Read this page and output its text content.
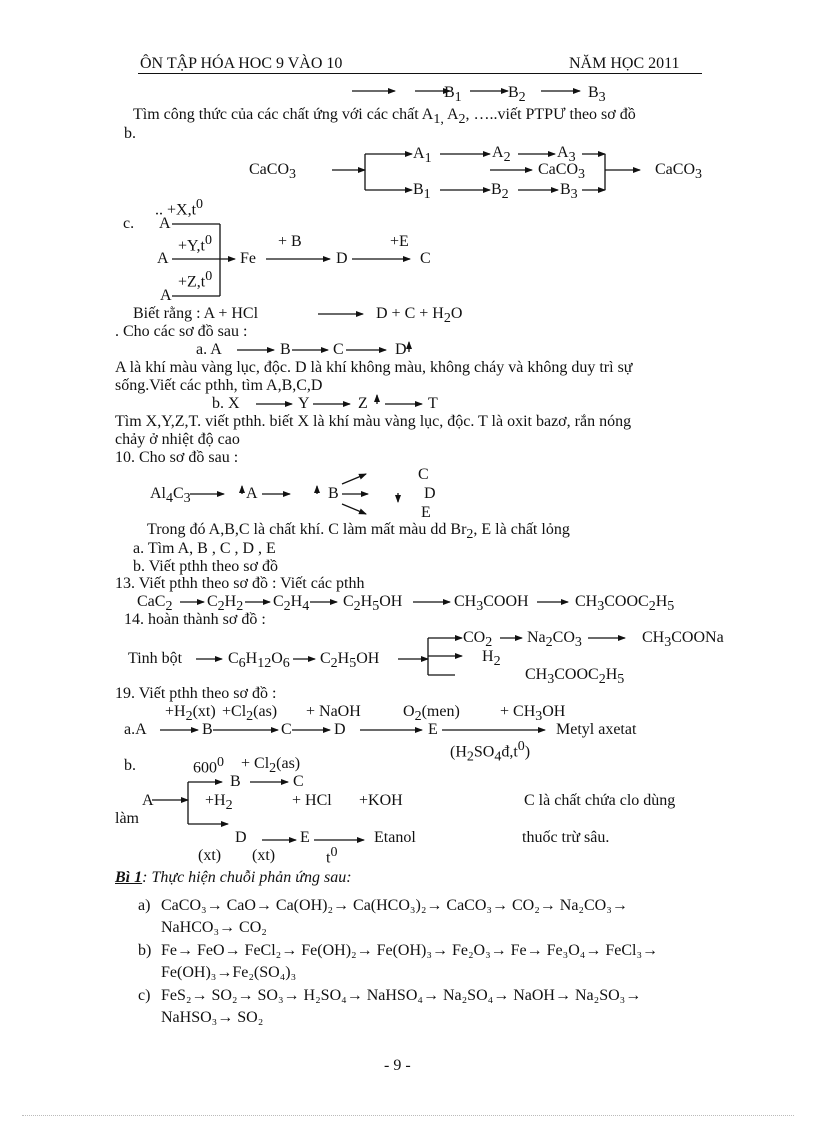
ÔN TẬP HÓA HOC 9 VÀO 10	NĂM HỌC 2011
$B_1$	$B_2$	$B_3$
Tìm công thức của các chất ứng với các chất $A_{1,}$ $A_2$, …..viết PTPƯ theo sơ đồ
b.
CaCO$_3$
$A_1$	$A_2$	$A_3$
CaCO$_3$	CaCO$_3$
$B_1$	$B_2$	$B_3$
.. $+X,t^0$
c. A
$+Y,t^0$
A	Fe
+ B
D
+E
C
$+Z,t^0$
A
Biết rằng : A + HCl	$D + C + H_2O$
. Cho các sơ đồ sau :
a. A	B	C	D
A là khí màu vàng lục, độc. D là khí không màu, không cháy và không duy trì sự
sống.Viết các pthh, tìm A,B,C,D
b. X	Y	Z	T
Tìm X,Y,Z,T. viết pthh. biết X là khí màu vàng lục, độc. T là oxit bazơ, rắn nóng
chảy ở nhiệt độ cao
10. Cho sơ đồ sau :
C
$Al_4C_3$	A	B	D
E
Trong đó A,B,C là chất khí. C làm mất màu dd $Br_2$, E là chất lỏng
a. Tìm A, B , C , D , E
b. Viết pthh theo sơ đồ
13. Viết pthh theo sơ đồ : Viết các pthh
CaC$_2$ $C_2H_2$ $C_2H_4$ $C_2H_5OH$	$CH_3COOH$	$CH_3COOC_2H_5$
14. hoàn thành sơ đồ :
$CO_2$ $Na_2CO_3$	$CH_3COONa$
Tinh bột	$C_6H_{12}O_6$ $C_2H_5OH$	$H_2$
$CH_3COOC_2H_5$
19. Viết pthh theo sơ đồ :
$+H_2(xt) +Cl_2(as)$ + NaOH	$O_2(men)$	+ $CH_3OH$
a.A	B	C	D	E	Metyl axetat
$(H_2SO_4đ,t^0)$
b.	$600^0 + Cl_2(as)$
B	C
A	$+H_2$	+ HCl +KOH	C là chất chứa clo dùng
làm
D	E	Etanol	thuốc trừ sâu.
(xt) (xt)	$t^0$
Bì 1: Thực hiện chuỗi phản ứng sau:
a) CaCO₃→ CaO→ Ca(OH)₂→ Ca(HCO₃)₂→ CaCO₃→ CO₂→ Na₂CO₃→
NaHCO₃→ CO₂
b) Fe→ FeO→ FeCl₂→ Fe(OH)₂→ Fe(OH)₃→ Fe₂O₃→ Fe→ Fe₃O₄→ FeCl₃→
Fe(OH)₃→Fe₂(SO₄)₃
c) FeS₂→ SO₂→ SO₃→ H₂SO₄→ NaHSO₄→ Na₂SO₄→ NaOH→ Na₂SO₃→
NaHSO₃→ SO₂
- 9 -
